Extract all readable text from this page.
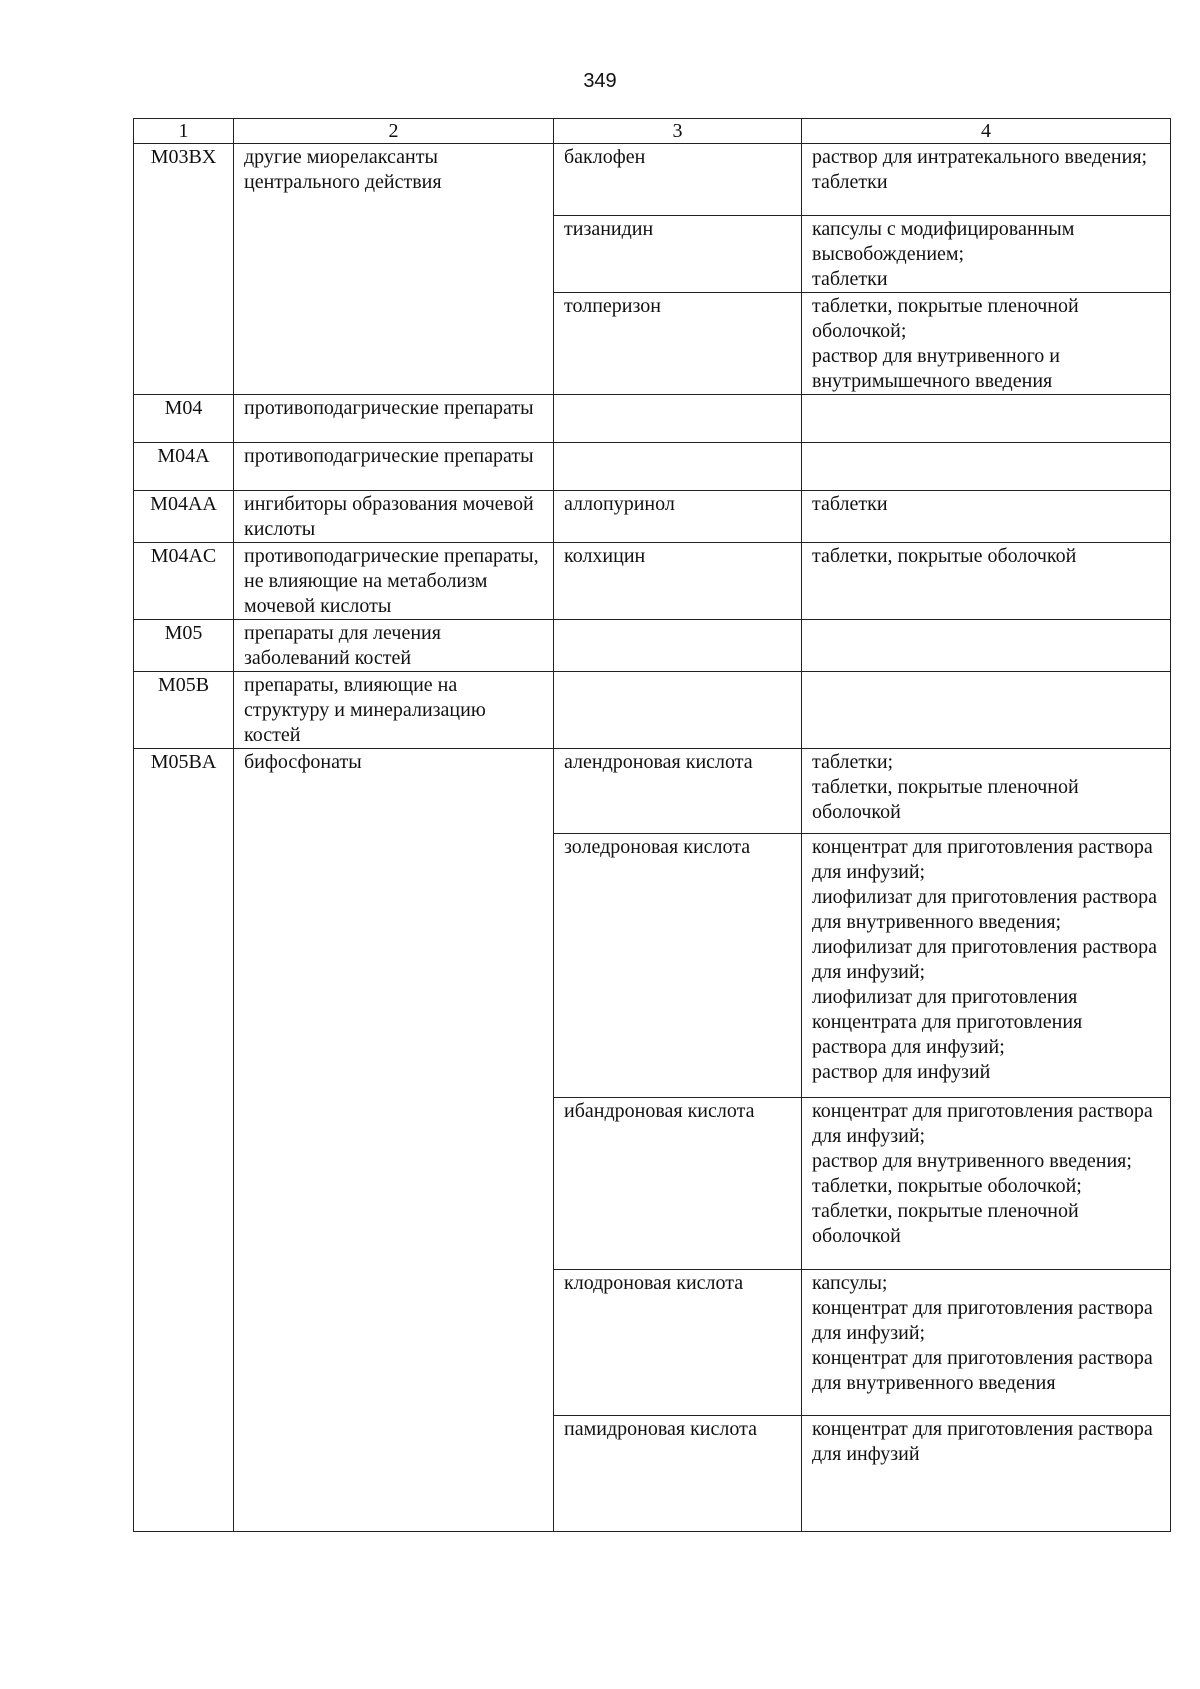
349
1	2	3	4
M03BX	другие миорелаксанты центрального действия	баклофен	раствор для интратекального введения;
таблетки
		тизанидин	капсулы с модифицированным высвобождением;
таблетки
		толперизон	таблетки, покрытые пленочной оболочкой;
раствор для внутривенного и внутримышечного введения
M04	противоподагрические препараты		
M04A	противоподагрические препараты		
M04AA	ингибиторы образования мочевой кислоты	аллопуринол	таблетки
M04AC	противоподагрические препараты, не влияющие на метаболизм мочевой кислоты	колхицин	таблетки, покрытые оболочкой
M05	препараты для лечения заболеваний костей		
M05B	препараты, влияющие на структуру и минерализацию костей		
M05BA	бифосфонаты	алендроновая кислота	таблетки;
таблетки, покрытые пленочной оболочкой
		золедроновая кислота	концентрат для приготовления раствора для инфузий;
лиофилизат для приготовления раствора для внутривенного введения;
лиофилизат для приготовления раствора для инфузий;
лиофилизат для приготовления концентрата для приготовления раствора для инфузий;
раствор для инфузий
		ибандроновая кислота	концентрат для приготовления раствора для инфузий;
раствор для внутривенного введения;
таблетки, покрытые оболочкой;
таблетки, покрытые пленочной оболочкой
		клодроновая кислота	капсулы;
концентрат для приготовления раствора для инфузий;
концентрат для приготовления раствора для внутривенного введения
		памидроновая кислота	концентрат для приготовления раствора для инфузий
